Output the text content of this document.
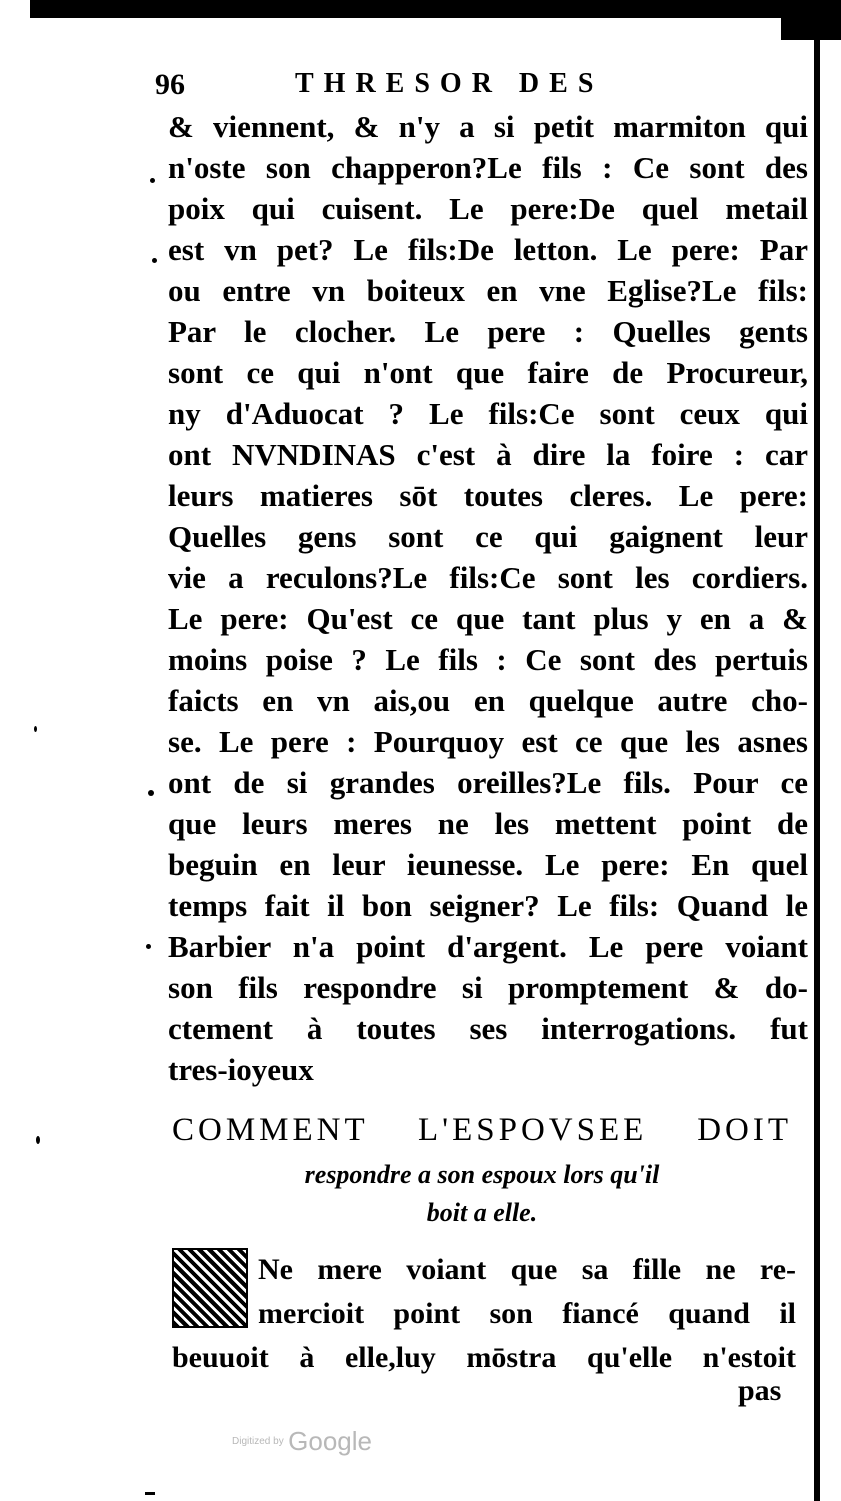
96	THRESOR DES
& viennent, & n'y a si petit marmiton qui
n'oste son chapperon?Le fils : Ce sont des
poix qui cuisent. Le pere:De quel metail
est vn pet? Le fils:De letton. Le pere: Par
ou entre vn boiteux en vne Eglise?Le fils:
Par le clocher. Le pere : Quelles gents
sont ce qui n'ont que faire de Procureur,
ny d'Aduocat ? Le fils:Ce sont ceux qui
ont NVNDINAS c'est à dire la foire : car
leurs matieres sōt toutes cleres. Le pere:
Quelles gens sont ce qui gaignent leur
vie a reculons?Le fils:Ce sont les cordiers.
Le pere: Qu'est ce que tant plus y en a &
moins poise ? Le fils : Ce sont des pertuis
faicts en vn ais,ou en quelque autre cho-
se. Le pere : Pourquoy est ce que les asnes
ont de si grandes oreilles?Le fils. Pour ce
que leurs meres ne les mettent point de
beguin en leur ieunesse. Le pere: En quel
temps fait il bon seigner? Le fils: Quand le
Barbier n'a point d'argent. Le pere voiant
son fils respondre si promptement & do-
ctement à toutes ses interrogations. fut
tres-ioyeux
COMMENT L'ESPOVSEE DOIT
respondre a son espoux lors qu'il
boit a elle.
Ne mere voiant que sa fille ne re-
mercioit point son fiancé quand il
beuuoit à elle,luy mōstra qu'elle n'estoit
pas
Digitized by Google
